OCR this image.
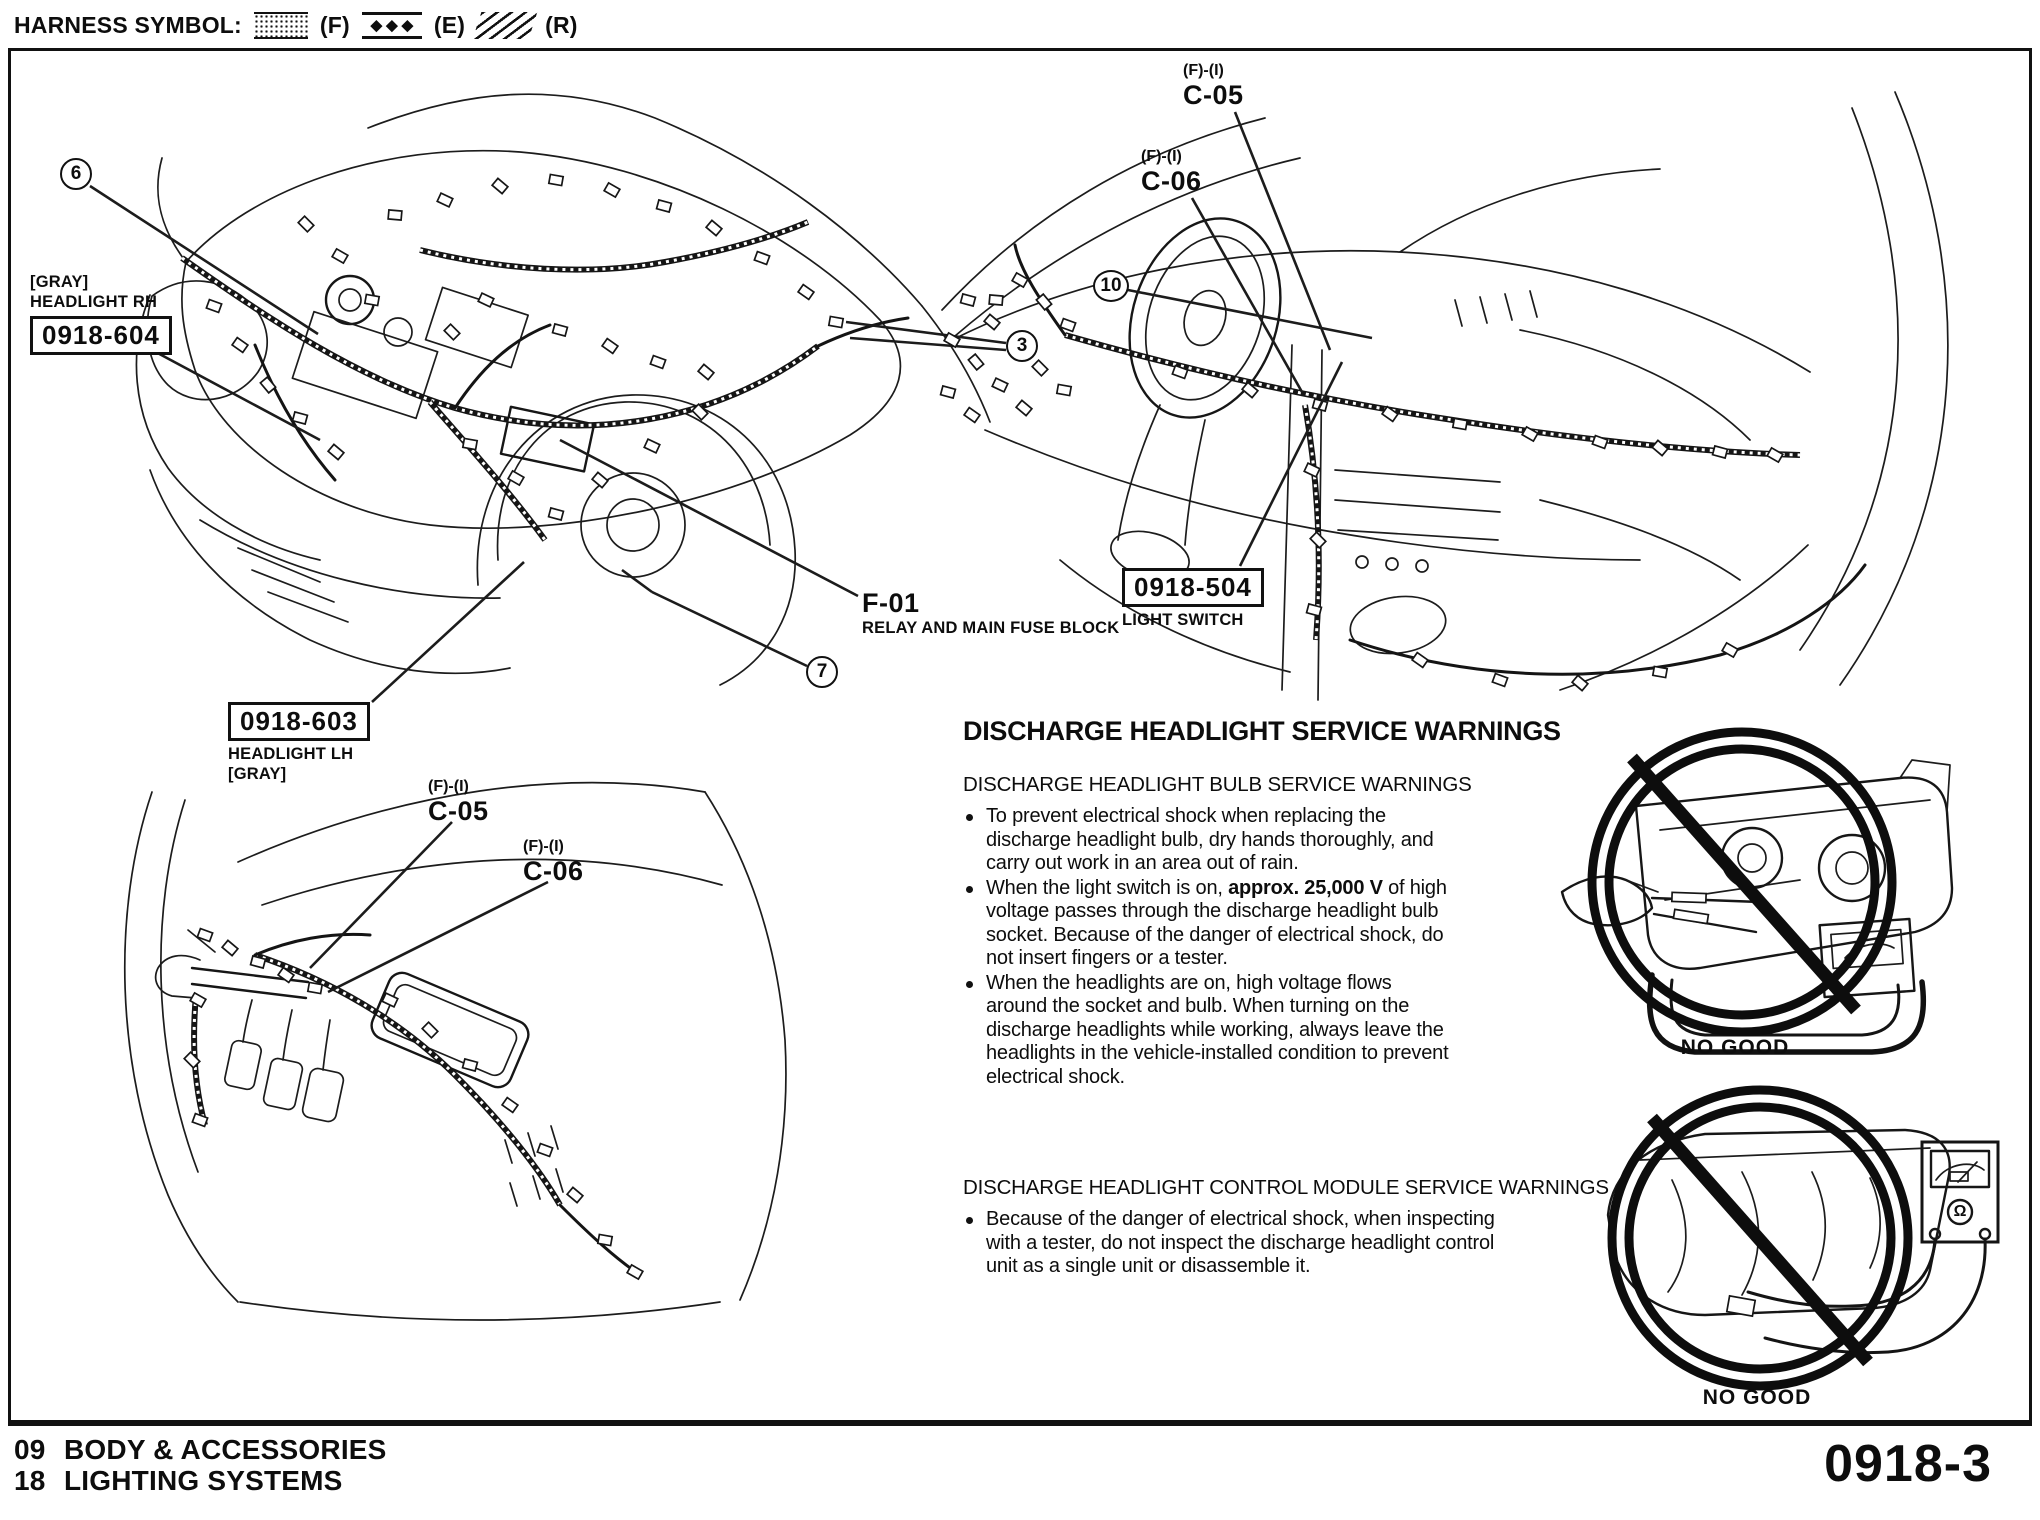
HARNESS SYMBOL:	(F)	◆◆◆ (E)	(R)
6
[GRAY]
HEADLIGHT RH
0918-604	3
F-01
RELAY AND MAIN FUSE BLOCK
7
0918-603
HEADLIGHT LH
[GRAY]
(F)-(I)
C-05
(F)-(I)
C-06
10
0918-504
LIGHT SWITCH
(F)-(I)
C-05
(F)-(I)
C-06
DISCHARGE HEADLIGHT SERVICE WARNINGS
DISCHARGE HEADLIGHT BULB SERVICE WARNINGS
To prevent electrical shock when replacing the discharge headlight bulb, dry hands thoroughly, and carry out work in an area out of rain.
When the light switch is on, approx. 25,000 V of high voltage passes through the discharge headlight bulb socket. Because of the danger of electrical shock, do not insert fingers or a tester.
When the headlights are on, high voltage flows around the socket and bulb. When turning on the discharge headlights while working, always leave the headlights in the vehicle-installed condition to prevent electrical shock.
DISCHARGE HEADLIGHT CONTROL MODULE SERVICE WARNINGS
Because of the danger of electrical shock, when inspecting with a tester, do not inspect the discharge headlight control unit as a single unit or disassemble it.
NO GOOD
NO GOOD
Ω
09 BODY & ACCESSORIES
18 LIGHTING SYSTEMS	0918-3
